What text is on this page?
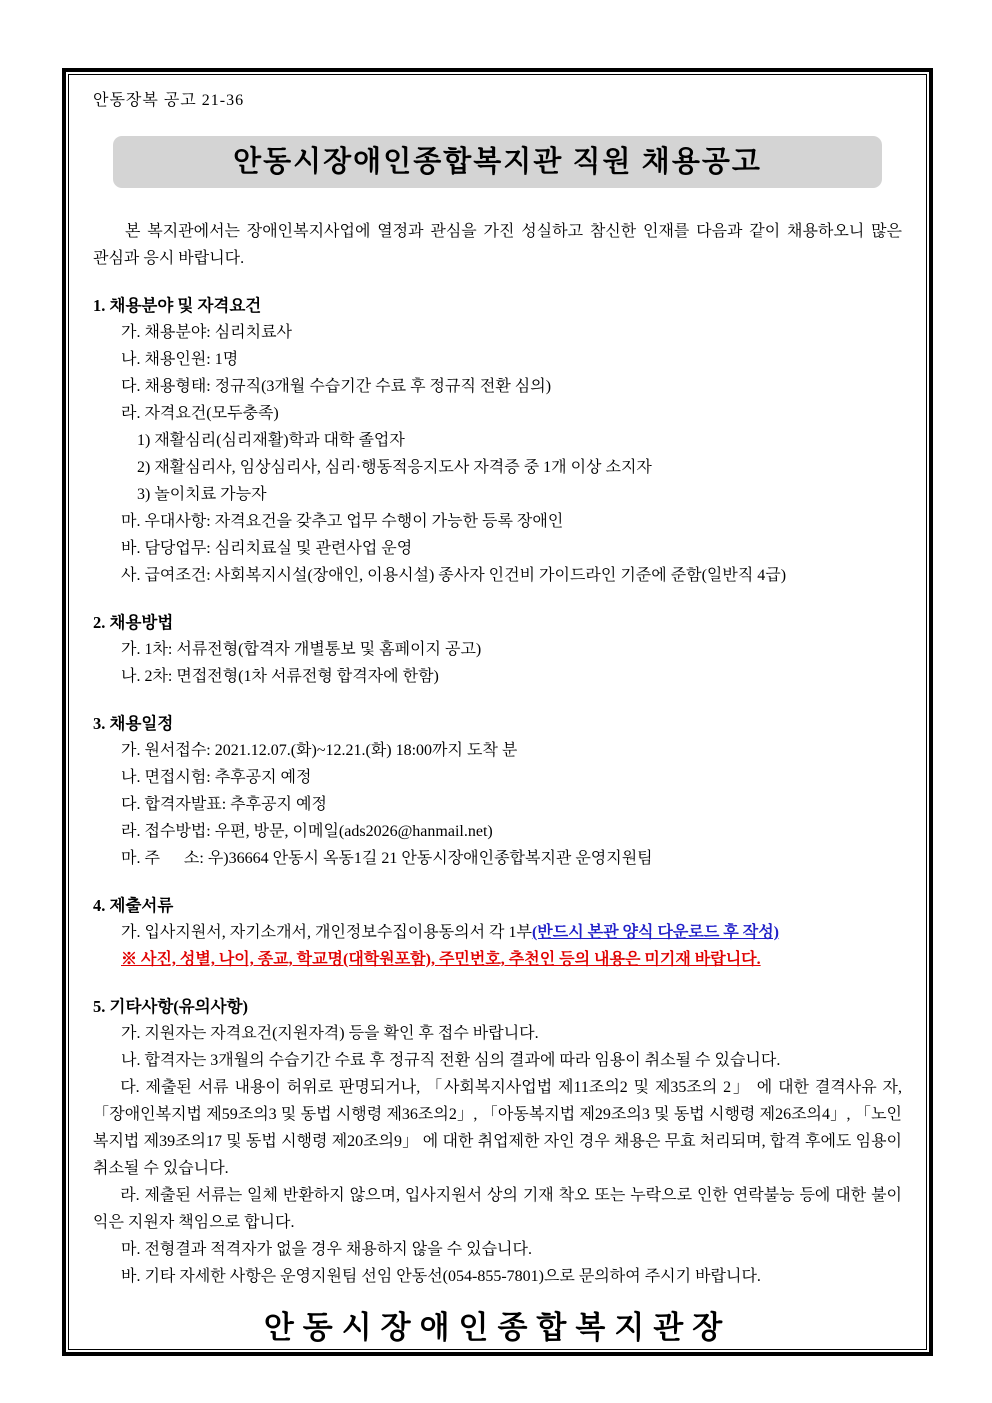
안동장복 공고 21-36
안동시장애인종합복지관 직원 채용공고

본 복지관에서는 장애인복지사업에 열정과 관심을 가진 성실하고 참신한 인재를 다음과 같이 채용하오니 많은 관심과 응시 바랍니다.

1. 채용분야 및 자격요건
가. 채용분야: 심리치료사
나. 채용인원: 1명
다. 채용형태: 정규직(3개월 수습기간 수료 후 정규직 전환 심의)
라. 자격요건(모두충족)
1) 재활심리(심리재활)학과 대학 졸업자
2) 재활심리사, 임상심리사, 심리·행동적응지도사 자격증 중 1개 이상 소지자
3) 놀이치료 가능자
마. 우대사항: 자격요건을 갖추고 업무 수행이 가능한 등록 장애인
바. 담당업무: 심리치료실 및 관련사업 운영
사. 급여조건: 사회복지시설(장애인, 이용시설) 종사자 인건비 가이드라인 기준에 준함(일반직 4급)
2. 채용방법
가. 1차: 서류전형(합격자 개별통보 및 홈페이지 공고)
나. 2차: 면접전형(1차 서류전형 합격자에 한함)
3. 채용일정
가. 원서접수: 2021.12.07.(화)~12.21.(화) 18:00까지 도착 분
나. 면접시험: 추후공지 예정
다. 합격자발표: 추후공지 예정
라. 접수방법: 우편, 방문, 이메일(ads2026@hanmail.net)
마. 주      소: 우)36664 안동시 옥동1길 21 안동시장애인종합복지관 운영지원팀
4. 제출서류
가. 입사지원서, 자기소개서, 개인정보수집이용동의서 각 1부(반드시 본관 양식 다운로드 후 작성)
※ 사진, 성별, 나이, 종교, 학교명(대학원포함), 주민번호, 추천인 등의 내용은 미기재 바랍니다.
5. 기타사항(유의사항)
가. 지원자는 자격요건(지원자격) 등을 확인 후 접수 바랍니다.
나. 합격자는 3개월의 수습기간 수료 후 정규직 전환 심의 결과에 따라 임용이 취소될 수 있습니다.

다. 제출된 서류 내용이 허위로 판명되거나, 「사회복지사업법 제11조의2 및 제35조의 2」 에 대한 결격사유 자, 「장애인복지법 제59조의3 및 동법 시행령 제36조의2」, 「아동복지법 제29조의3 및 동법 시행령 제26조의4」, 「노인복지법 제39조의17 및 동법 시행령 제20조의9」 에 대한 취업제한 자인 경우 채용은 무효 처리되며, 합격 후에도 임용이 취소될 수 있습니다.

라. 제출된 서류는 일체 반환하지 않으며, 입사지원서 상의 기재 착오 또는 누락으로 인한 연락불능 등에 대한 불이익은 지원자 책임으로 합니다.

마. 전형결과 적격자가 없을 경우 채용하지 않을 수 있습니다.
바. 기타 자세한 사항은 운영지원팀 선임 안동선(054-855-7801)으로 문의하여 주시기 바랍니다.
안동시장애인종합복지관장
